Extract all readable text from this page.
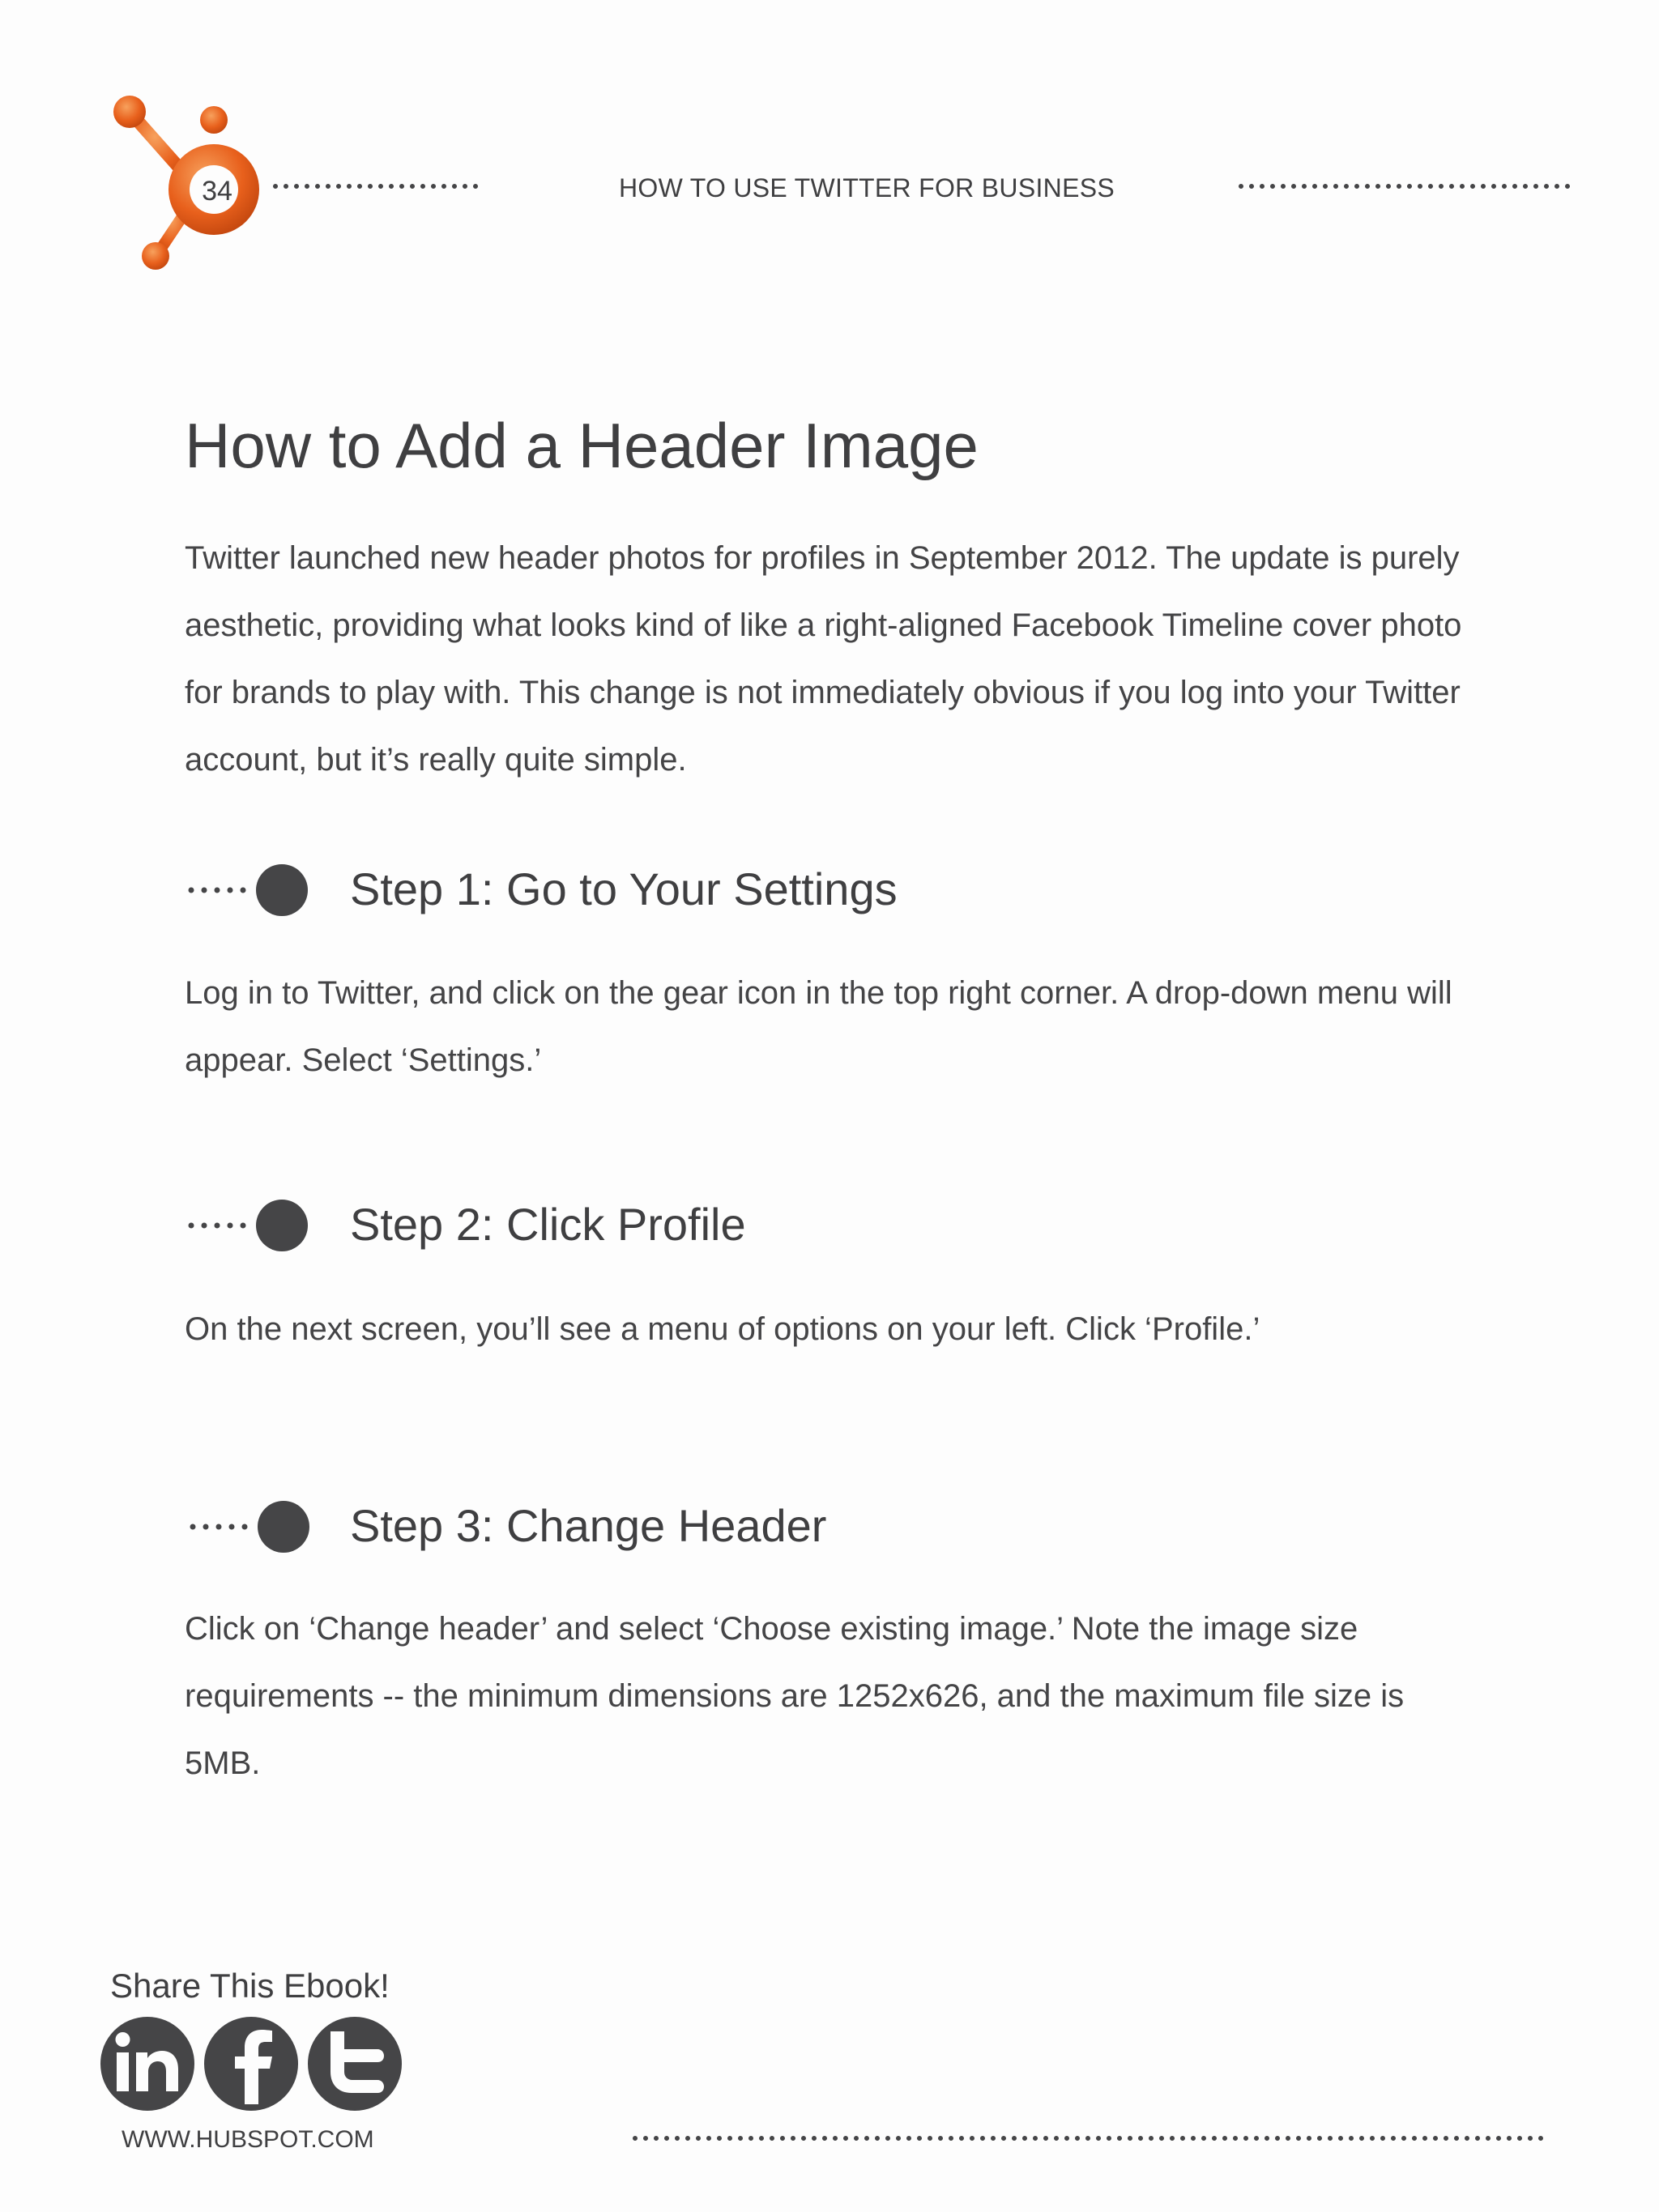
34	HOW TO USE TWITTER FOR BUSINESS
How to Add a Header Image

Twitter launched new header photos for profiles in September 2012. The update is purely aesthetic, providing what looks kind of like a right-aligned Facebook Timeline cover photo for brands to play with. This change is not immediately obvious if you log into your Twitter account, but it’s really quite simple.

Step 1: Go to Your Settings

Log in to Twitter, and click on the gear icon in the top right corner. A drop-down menu will appear. Select ‘Settings.’

Step 2: Click Profile

On the next screen, you’ll see a menu of options on your left. Click ‘Profile.’

Step 3: Change Header

Click on ‘Change header’ and select ‘Choose existing image.’ Note the image size requirements -- the minimum dimensions are 1252x626, and the maximum file size is 5MB.

Share This Ebook!
WWW.HUBSPOT.COM
